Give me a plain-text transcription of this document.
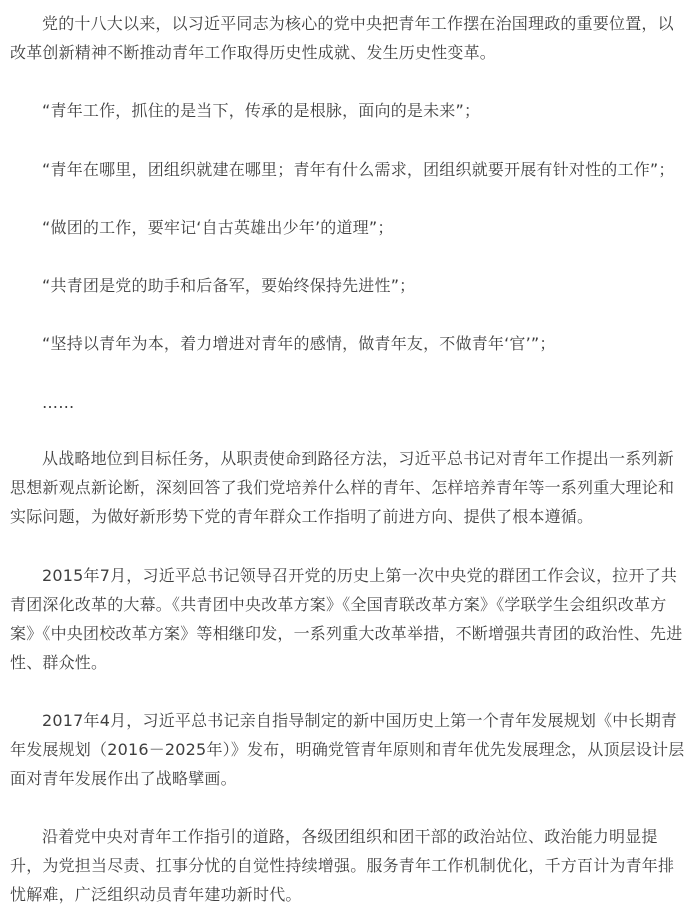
党的十八大以来，以习近平同志为核心的党中央把青年工作摆在治国理政的重要位置，以改革创新精神不断推动青年工作取得历史性成就、发生历史性变革。

“青年工作，抓住的是当下，传承的是根脉，面向的是未来”；

“青年在哪里，团组织就建在哪里；青年有什么需求，团组织就要开展有针对性的工作”；

“做团的工作，要牢记‘自古英雄出少年’的道理”；

“共青团是党的助手和后备军，要始终保持先进性”；

“坚持以青年为本，着力增进对青年的感情，做青年友，不做青年‘官’”；

……

从战略地位到目标任务，从职责使命到路径方法，习近平总书记对青年工作提出一系列新思想新观点新论断，深刻回答了我们党培养什么样的青年、怎样培养青年等一系列重大理论和实际问题，为做好新形势下党的青年群众工作指明了前进方向、提供了根本遵循。

2015年7月，习近平总书记领导召开党的历史上第一次中央党的群团工作会议，拉开了共青团深化改革的大幕。《共青团中央改革方案》《全国青联改革方案》《学联学生会组织改革方案》《中央团校改革方案》等相继印发，一系列重大改革举措，不断增强共青团的政治性、先进性、群众性。

2017年4月，习近平总书记亲自指导制定的新中国历史上第一个青年发展规划《中长期青年发展规划（2016－2025年）》发布，明确党管青年原则和青年优先发展理念，从顶层设计层面对青年发展作出了战略擘画。

沿着党中央对青年工作指引的道路，各级团组织和团干部的政治站位、政治能力明显提升，为党担当尽责、扛事分忧的自觉性持续增强。服务青年工作机制优化，千方百计为青年排忧解难，广泛组织动员青年建功新时代。
